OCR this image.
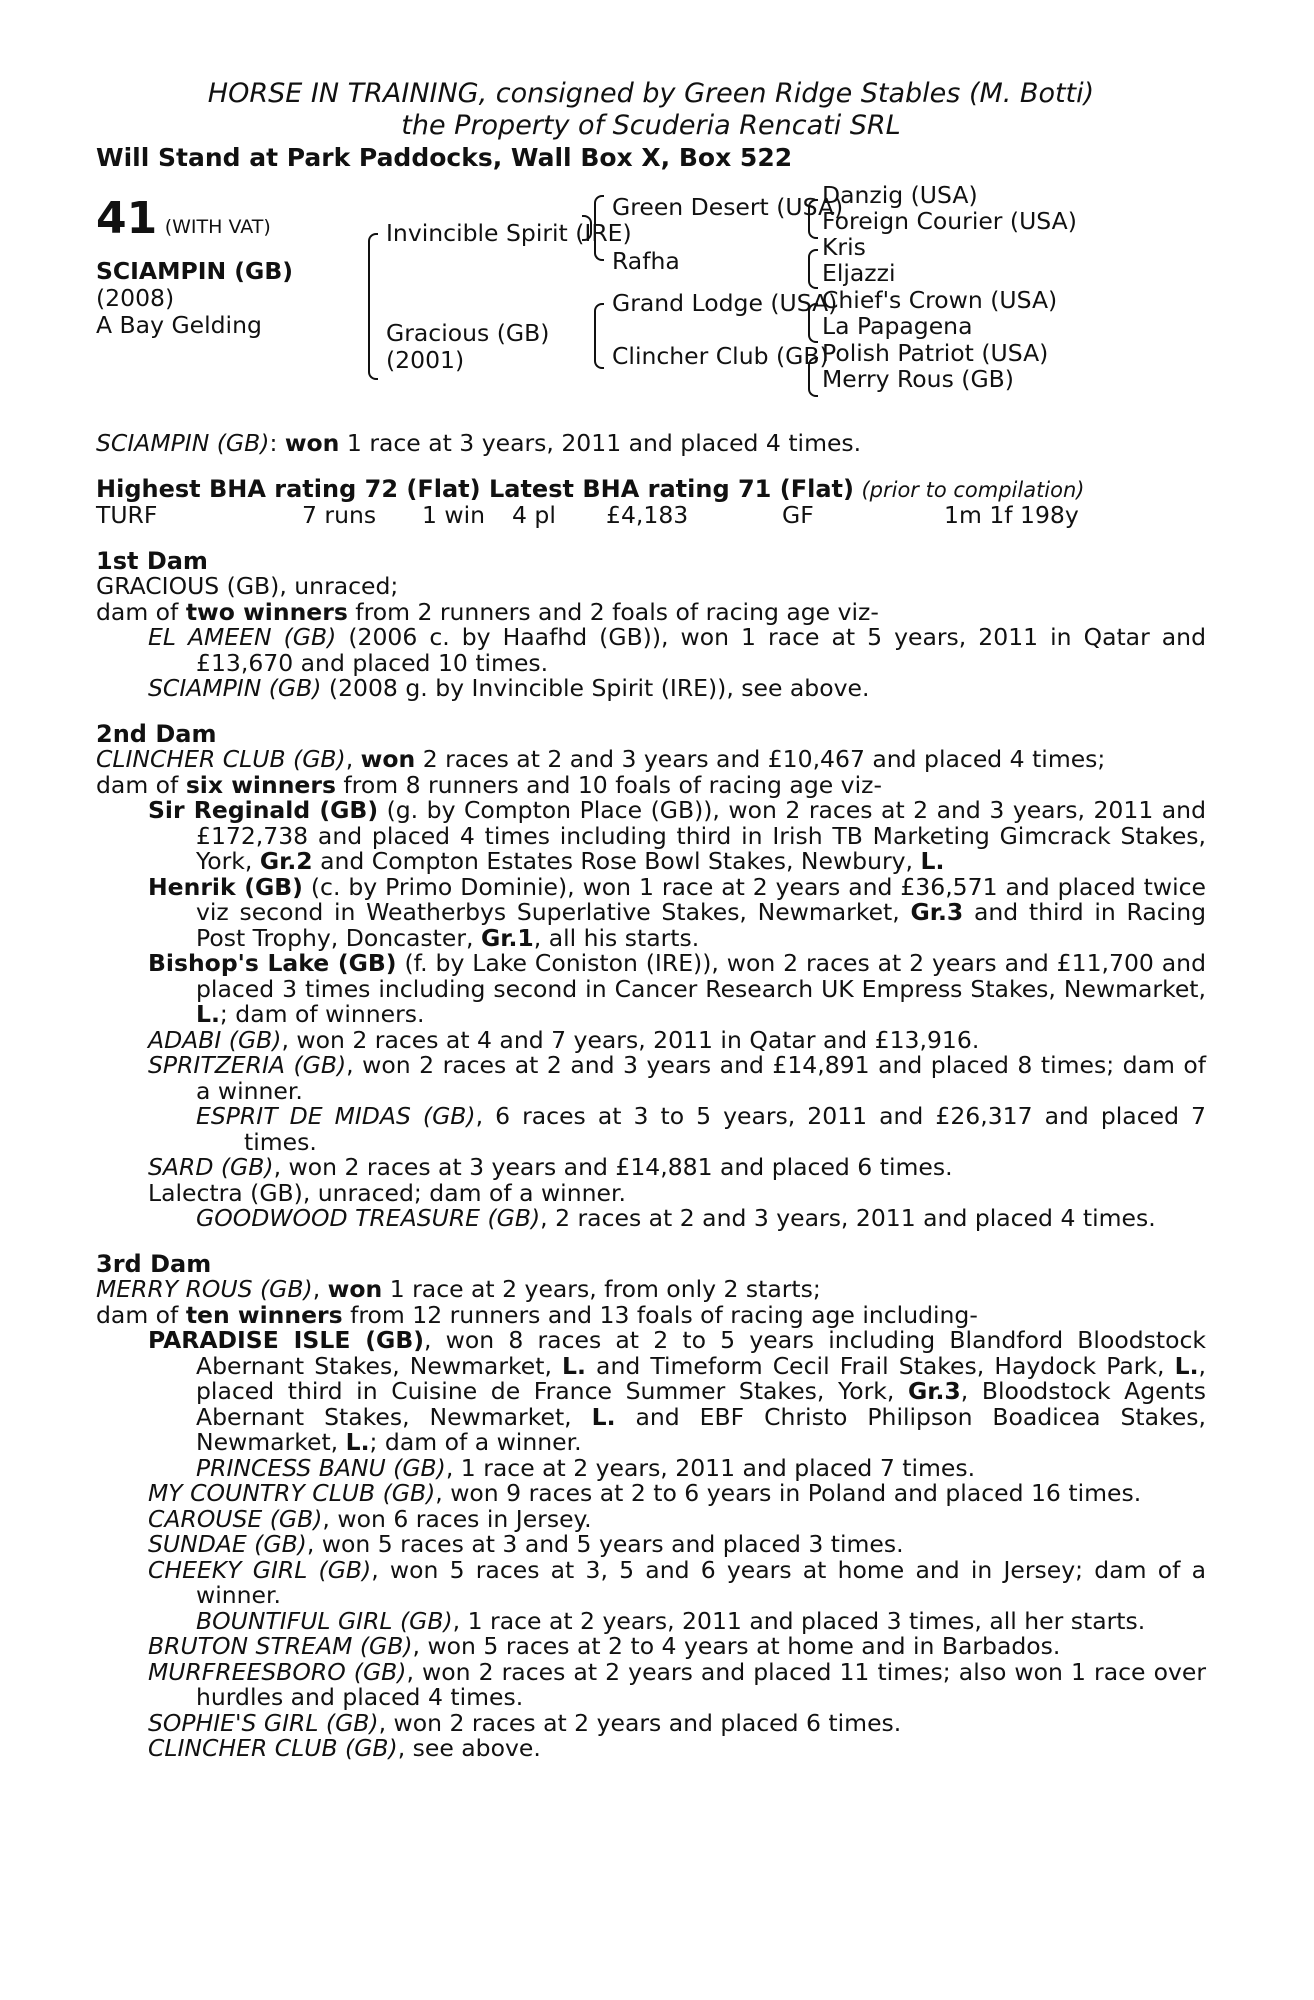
HORSE IN TRAINING, consigned by Green Ridge Stables (M. Botti)
the Property of Scuderia Rencati SRL
Will Stand at Park Paddocks, Wall Box X, Box 522
41 (WITH VAT)
SCIAMPIN (GB)
(2008)
A Bay Gelding
Invincible Spirit (IRE)
Gracious (GB)
(2001)
Green Desert (USA)
Rafha
Grand Lodge (USA)
Clincher Club (GB)
Danzig (USA)
Foreign Courier (USA)
Kris
Eljazzi
Chief's Crown (USA)
La Papagena
Polish Patriot (USA)
Merry Rous (GB)
SCIAMPIN (GB): won 1 race at 3 years, 2011 and placed 4 times.
Highest BHA rating 72 (Flat) Latest BHA rating 71 (Flat) (prior to compilation)
TURF	7 runs	1 win	4 pl	£4,183	GF	1m 1f 198y
1st Dam
GRACIOUS (GB), unraced;
dam of two winners from 2 runners and 2 foals of racing age viz-
EL AMEEN (GB) (2006 c. by Haafhd (GB)), won 1 race at 5 years, 2011 in Qatar and £13,670 and placed 10 times.
SCIAMPIN (GB) (2008 g. by Invincible Spirit (IRE)), see above.
2nd Dam
CLINCHER CLUB (GB), won 2 races at 2 and 3 years and £10,467 and placed 4 times;
dam of six winners from 8 runners and 10 foals of racing age viz-
Sir Reginald (GB) (g. by Compton Place (GB)), won 2 races at 2 and 3 years, 2011 and £172,738 and placed 4 times including third in Irish TB Marketing Gimcrack Stakes, York, Gr.2 and Compton Estates Rose Bowl Stakes, Newbury, L.
Henrik (GB) (c. by Primo Dominie), won 1 race at 2 years and £36,571 and placed twice viz second in Weatherbys Superlative Stakes, Newmarket, Gr.3 and third in Racing Post Trophy, Doncaster, Gr.1, all his starts.
Bishop's Lake (GB) (f. by Lake Coniston (IRE)), won 2 races at 2 years and £11,700 and placed 3 times including second in Cancer Research UK Empress Stakes, Newmarket, L.; dam of winners.
ADABI (GB), won 2 races at 4 and 7 years, 2011 in Qatar and £13,916.
SPRITZERIA (GB), won 2 races at 2 and 3 years and £14,891 and placed 8 times; dam of a winner.
ESPRIT DE MIDAS (GB), 6 races at 3 to 5 years, 2011 and £26,317 and placed 7 times.
SARD (GB), won 2 races at 3 years and £14,881 and placed 6 times.
Lalectra (GB), unraced; dam of a winner.
GOODWOOD TREASURE (GB), 2 races at 2 and 3 years, 2011 and placed 4 times.
3rd Dam
MERRY ROUS (GB), won 1 race at 2 years, from only 2 starts;
dam of ten winners from 12 runners and 13 foals of racing age including-
PARADISE ISLE (GB), won 8 races at 2 to 5 years including Blandford Bloodstock Abernant Stakes, Newmarket, L. and Timeform Cecil Frail Stakes, Haydock Park, L., placed third in Cuisine de France Summer Stakes, York, Gr.3, Bloodstock Agents Abernant Stakes, Newmarket, L. and EBF Christo Philipson Boadicea Stakes, Newmarket, L.; dam of a winner.
PRINCESS BANU (GB), 1 race at 2 years, 2011 and placed 7 times.
MY COUNTRY CLUB (GB), won 9 races at 2 to 6 years in Poland and placed 16 times.
CAROUSE (GB), won 6 races in Jersey.
SUNDAE (GB), won 5 races at 3 and 5 years and placed 3 times.
CHEEKY GIRL (GB), won 5 races at 3, 5 and 6 years at home and in Jersey; dam of a winner.
BOUNTIFUL GIRL (GB), 1 race at 2 years, 2011 and placed 3 times, all her starts.
BRUTON STREAM (GB), won 5 races at 2 to 4 years at home and in Barbados.
MURFREESBORO (GB), won 2 races at 2 years and placed 11 times; also won 1 race over hurdles and placed 4 times.
SOPHIE'S GIRL (GB), won 2 races at 2 years and placed 6 times.
CLINCHER CLUB (GB), see above.
